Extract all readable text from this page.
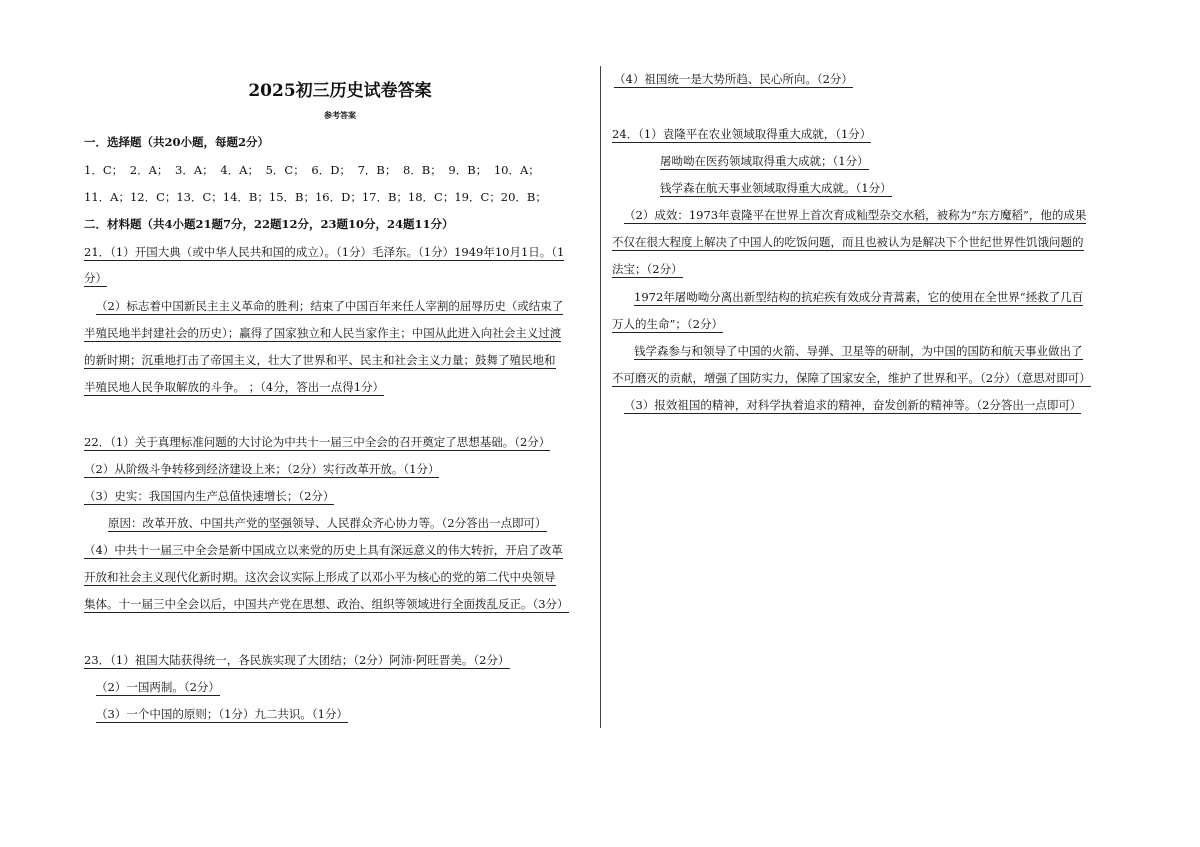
2025初三历史试卷答案
参考答案
一．选择题（共20小题，每题2分）
1．C； 2．A； 3．A； 4．A； 5．C； 6．D； 7．B； 8．B； 9．B； 10．A；
11．A；12．C；13．C；14．B；15．B；16．D；17．B；18．C；19．C；20．B；
二．材料题（共4小题21题7分，22题12分，23题10分，24题11分）
21．（1）开国大典（或中华人民共和国的成立）。（1分）毛泽东。（1分）1949年10月1日。（1
分）
（2）标志着中国新民主主义革命的胜利；结束了中国百年来任人宰割的屈辱历史（或结束了
半殖民地半封建社会的历史）；赢得了国家独立和人民当家作主；中国从此进入向社会主义过渡
的新时期；沉重地打击了帝国主义，壮大了世界和平、民主和社会主义力量；鼓舞了殖民地和
半殖民地人民争取解放的斗争。 ；（4分，答出一点得1分）
22．（1）关于真理标准问题的大讨论为中共十一届三中全会的召开奠定了思想基础。（2分）
（2）从阶级斗争转移到经济建设上来；（2分）实行改革开放。（1分）
（3）史实：我国国内生产总值快速增长；（2分）
原因：改革开放、中国共产党的坚强领导、人民群众齐心协力等。（2分答出一点即可）
（4）中共十一届三中全会是新中国成立以来党的历史上具有深远意义的伟大转折，开启了改革
开放和社会主义现代化新时期。这次会议实际上形成了以邓小平为核心的党的第二代中央领导
集体。十一届三中全会以后，中国共产党在思想、政治、组织等领域进行全面拨乱反正。（3分）
23．（1）祖国大陆获得统一，各民族实现了大团结；（2分）阿沛·阿旺晋美。（2分）
（2）一国两制。（2分）
（3）一个中国的原则；（1分）九二共识。（1分）
（4）祖国统一是大势所趋、民心所向。（2分）
24．（1）袁隆平在农业领域取得重大成就，（1分）
屠呦呦在医药领域取得重大成就；（1分）
钱学森在航天事业领域取得重大成就。（1分）
（2）成效：1973年袁隆平在世界上首次育成籼型杂交水稻，被称为“东方魔稻”，他的成果
不仅在很大程度上解决了中国人的吃饭问题，而且也被认为是解决下个世纪世界性饥饿问题的
法宝；（2分）
1972年屠呦呦分离出新型结构的抗疟疾有效成分青蒿素，它的使用在全世界“拯救了几百
万人的生命”；（2分）
钱学森参与和领导了中国的火箭、导弹、卫星等的研制，为中国的国防和航天事业做出了
不可磨灭的贡献，增强了国防实力，保障了国家安全，维护了世界和平。（2分）（意思对即可）
（3）报效祖国的精神，对科学执着追求的精神，奋发创新的精神等。（2分答出一点即可）
